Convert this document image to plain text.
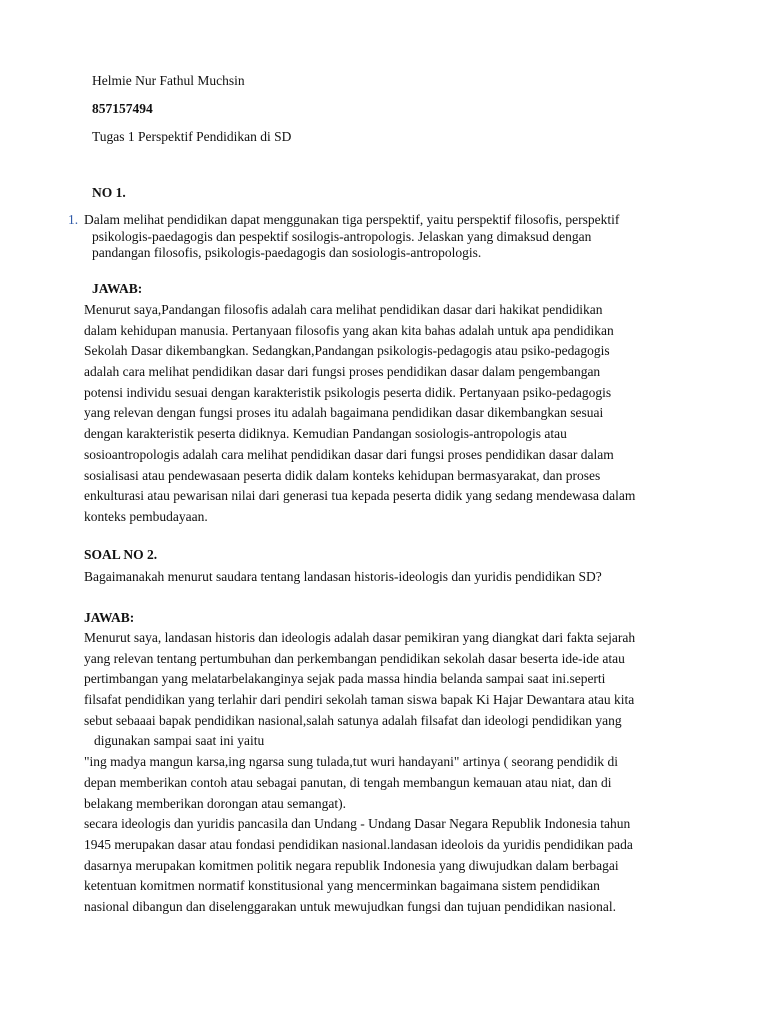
Helmie Nur Fathul Muchsin
857157494
Tugas 1 Perspektif Pendidikan di SD
NO 1.
1. Dalam melihat pendidikan dapat menggunakan tiga perspektif, yaitu perspektif filosofis, perspektif
psikologis-paedagogis dan pespektif sosilogis-antropologis. Jelaskan yang dimaksud dengan
pandangan filosofis, psikologis-paedagogis dan sosiologis-antropologis.
JAWAB:
Menurut saya,Pandangan filosofis adalah cara melihat pendidikan dasar dari hakikat pendidikan
dalam kehidupan manusia. Pertanyaan filosofis yang akan kita bahas adalah untuk apa pendidikan
Sekolah Dasar dikembangkan. Sedangkan,Pandangan psikologis-pedagogis atau psiko-pedagogis
adalah cara melihat pendidikan dasar dari fungsi proses pendidikan dasar dalam pengembangan
potensi individu sesuai dengan karakteristik psikologis peserta didik. Pertanyaan psiko-pedagogis
yang relevan dengan fungsi proses itu adalah bagaimana pendidikan dasar dikembangkan sesuai
dengan karakteristik peserta didiknya. Kemudian Pandangan sosiologis-antropologis atau
sosioantropologis adalah cara melihat pendidikan dasar dari fungsi proses pendidikan dasar dalam
sosialisasi atau pendewasaan peserta didik dalam konteks kehidupan bermasyarakat, dan proses
enkulturasi atau pewarisan nilai dari generasi tua kepada peserta didik yang sedang mendewasa dalam
konteks pembudayaan.
SOAL NO 2.
Bagaimanakah menurut saudara tentang landasan historis-ideologis dan yuridis pendidikan SD?
JAWAB:
Menurut saya, landasan historis dan ideologis adalah dasar pemikiran yang diangkat dari fakta sejarah
yang relevan tentang pertumbuhan dan perkembangan pendidikan sekolah dasar beserta ide-ide atau
pertimbangan yang melatarbelakanginya sejak pada massa hindia belanda sampai saat ini.seperti
filsafat pendidikan yang terlahir dari pendiri sekolah taman siswa bapak Ki Hajar Dewantara atau kita
sebut sebaaai bapak pendidikan nasional,salah satunya adalah filsafat dan ideologi pendidikan yang
digunakan sampai saat ini yaitu
"ing madya mangun karsa,ing ngarsa sung tulada,tut wuri handayani" artinya ( seorang pendidik di
depan memberikan contoh atau sebagai panutan, di tengah membangun kemauan atau niat, dan di
belakang memberikan dorongan atau semangat).
secara ideologis dan yuridis pancasila dan Undang - Undang Dasar Negara Republik Indonesia tahun
1945 merupakan dasar atau fondasi pendidikan nasional.landasan ideolois da yuridis pendidikan pada
dasarnya merupakan komitmen politik negara republik Indonesia yang diwujudkan dalam berbagai
ketentuan komitmen normatif konstitusional yang mencerminkan bagaimana sistem pendidikan
nasional dibangun dan diselenggarakan untuk mewujudkan fungsi dan tujuan pendidikan nasional.
